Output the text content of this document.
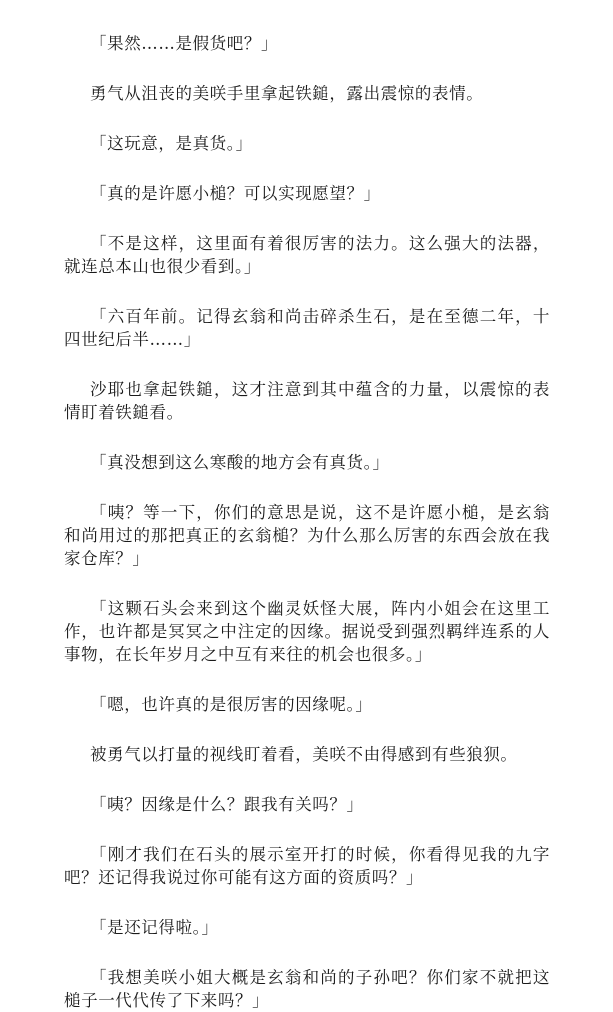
「果然……是假货吧？」

勇气从沮丧的美咲手里拿起铁鎚，露出震惊的表情。

「这玩意，是真货。」

「真的是许愿小槌？可以实现愿望？」

「不是这样，这里面有着很厉害的法力。这么强大的法器，就连总本山也很少看到。」

「六百年前。记得玄翁和尚击碎杀生石，是在至德二年，十四世纪后半……」

沙耶也拿起铁鎚，这才注意到其中蕴含的力量，以震惊的表情盯着铁鎚看。

「真没想到这么寒酸的地方会有真货。」

「咦？等一下，你们的意思是说，这不是许愿小槌，是玄翁和尚用过的那把真正的玄翁槌？为什么那么厉害的东西会放在我家仓库？」

「这颗石头会来到这个幽灵妖怪大展，阵内小姐会在这里工作，也许都是冥冥之中注定的因缘。据说受到强烈羁绊连系的人事物，在长年岁月之中互有来往的机会也很多。」

「嗯，也许真的是很厉害的因缘呢。」

被勇气以打量的视线盯着看，美咲不由得感到有些狼狈。

「咦？因缘是什么？跟我有关吗？」

「刚才我们在石头的展示室开打的时候，你看得见我的九字吧？还记得我说过你可能有这方面的资质吗？」

「是还记得啦。」

「我想美咲小姐大概是玄翁和尚的子孙吧？你们家不就把这槌子一代代传了下来吗？」
